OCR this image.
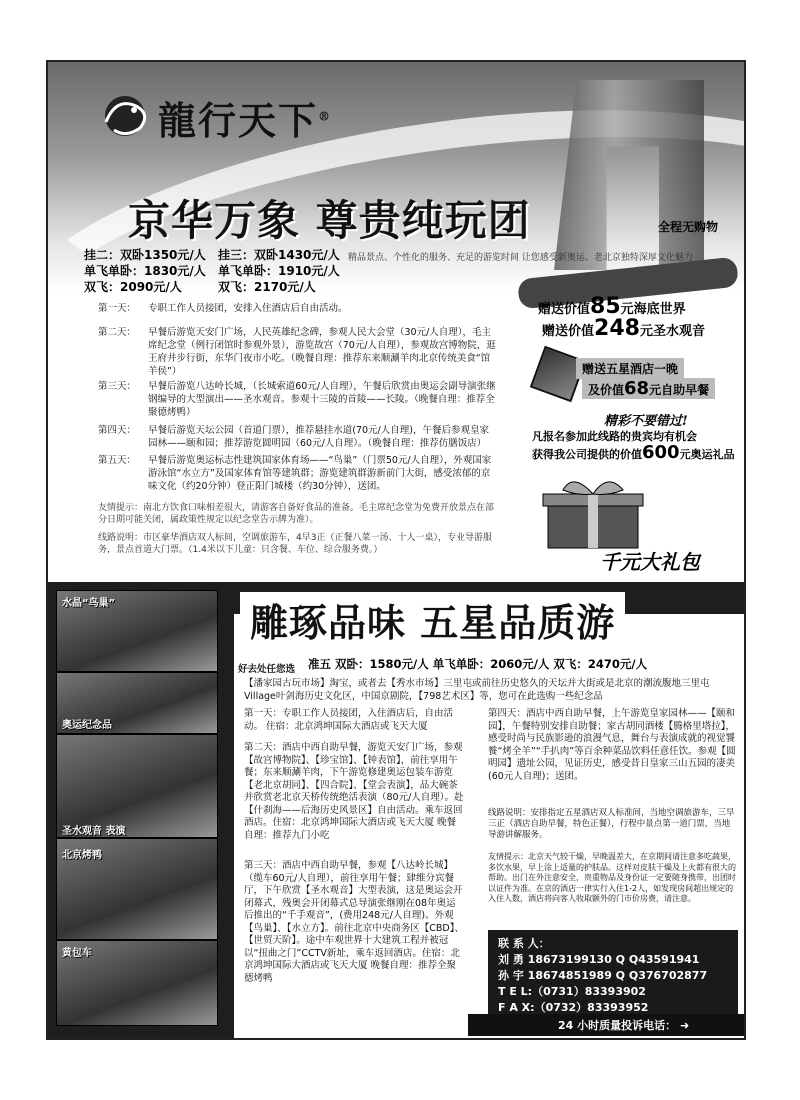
龍行天下®
京华万象 尊贵纯玩团	全程无购物
挂二：双卧1350元/人 挂三：双卧1430元/人
单飞单卧：1830元/人 单飞单卧：1910元/人
双飞：2090元/人	双飞：2170元/人
精品景点、个性化的服务、充足的游览时间 让您感受新奥运、老北京独特深厚文化魅力
第一天：	专职工作人员接团，安排入住酒店后自由活动。
第二天：	早餐后游览天安门广场，人民英雄纪念碑，参观人民大会堂（30元/人自理），毛主席纪念堂（例行闭馆时参观外景），游览故宫（70元/人自理），参观故宫博物院，逛王府井步行街，东华门夜市小吃。（晚餐自理：推荐东来顺涮羊肉北京传统美食“馆羊侯”）
第三天：	早餐后游览八达岭长城，（长城索道60元/人自理），午餐后欣赏由奥运会副导演张继钢编导的大型演出——圣水观音。参观十三陵的首陵——长陵。（晚餐自理：推荐全聚德烤鸭）
第四天：	早餐后游览天坛公园（首道门票），推荐悬挂水道(70元/人自理)，午餐后参观皇家园林——颐和园；推荐游览圆明园（60元/人自理）。（晚餐自理：推荐仿膳饭店）
第五天：	早餐后游览奥运标志性建筑国家体育场——“鸟巢”（门票50元/人自理），外观国家游泳馆“水立方”及国家体育馆等建筑群；游览建筑群游新前门大街，感受浓郁的京味文化（约20分钟）登正阳门城楼（约30分钟），送团。
友情提示：南北方饮食口味相差很大，请游客自备好食品的准备。毛主席纪念堂为免费开放景点在部分日期可能关闭，属政策性规定以纪念堂告示牌为准）。
线路说明：市区豪华酒店双人标间，空调旅游车，4早3正（正餐八菜一汤、十人一桌），专业导游服务，景点首道大门票。（1.4米以下儿童：只含餐、车位、综合服务费。）
赠送价值85元海底世界
赠送价值248元圣水观音
赠送五星酒店一晚
及价值68元自助早餐
精彩不要错过!
凡报名参加此线路的贵宾均有机会
获得我公司提供的价值600元奥运礼品
千元大礼包
雕琢品味 五星品质游
水晶“鸟巢”
奥运纪念品
圣水观音 表演
北京烤鸭
黄包车
准五 双卧：1580元/人 单飞单卧：2060元/人 双飞：2470元/人
好去处任您选
【潘家园古玩市场】淘宝，或者去【秀水市场】三里屯或前往历史悠久的天坛并大街或是北京的潮流腹地三里屯Village叶剑海历史文化区，中国京剧院，【798艺术区】等，您可在此选购一些纪念品
第一天：专职工作人员接团，入住酒店后，自由活动。 住宿：北京鸿坤国际大酒店或飞天大厦
第二天：酒店中西自助早餐，游览天安门广场，参观【故宫博物院】、【珍宝馆】、【钟表馆】，前往享用午餐；东来顺涮羊肉，下午游览修建奥运包装车游览【老北京胡同】、【四合院】、【堂会表演】，品大碗茶并欣赏老北京天桥传统绝活表演（80元/人自理）。赴【什刹海——后海历史风景区】自由活动。乘车返回酒店。住宿：北京鸿坤国际大酒店或飞天大厦 晚餐自理：推荐九门小吃
第三天：酒店中西自助早餐，参观【八达岭长城】（缆车60元/人自理），前往享用午餐；肆维分宾餐厅，下午欣赏【圣水观音】大型表演，这是奥运会开闭幕式，残奥会开闭幕式总导演张继刚在08年奥运后推出的“千手观音”，(费用248元/人自理)。外观【鸟巢】、【水立方】。前往北京中央商务区【CBD】、【世贸天阶】。途中车观世界十大建筑工程并被冠以“扭曲之门”CCTV新址，乘车返回酒店。住宿：北京鸿坤国际大酒店或飞天大厦 晚餐自理：推荐全聚德烤鸭
第四天：酒店中西自助早餐，上午游览皇家园林——【颐和园】，午餐特别安排自助餐；家古胡同酒楼【腾格里塔拉】，感受时尚与民族影逊的浪漫气息，舞台与表演成就的视觉饕餮“烤全羊”“手扒肉”等百余种菜品饮料任意任饮。参观【圆明园】遗址公园，见证历史，感受昔日皇家三山五园的凄美(60元人自理)；送团。
线路说明：安排指定五星酒店双人标准间，当地空调旅游车，三早三正（酒店自助早餐，特色正餐），行程中景点第一道门票，当地导游讲解服务。
友情提示：北京天气较干燥，早晚温差大，在京期间请注意多吃蔬果，多饮水果，早上涂上适量的护肤品。这样对皮肤干燥及上火都有很大的帮助。出门在外注意安全，贵重物品及身份证一定要随身携带，出团时以证件为准。在京的酒店一律实行入住1-2人，如发现房间超出规定的入住人数，酒店将向客人收取额外的门市价房费，请注意。
联 系 人：
刘 勇 18673199130 Q Q43591941
孙 宇 18674851989 Q Q376702877
T E L:（0731）83393902
F A X:（0732）83393952
24 小时质量投诉电话： ➜
